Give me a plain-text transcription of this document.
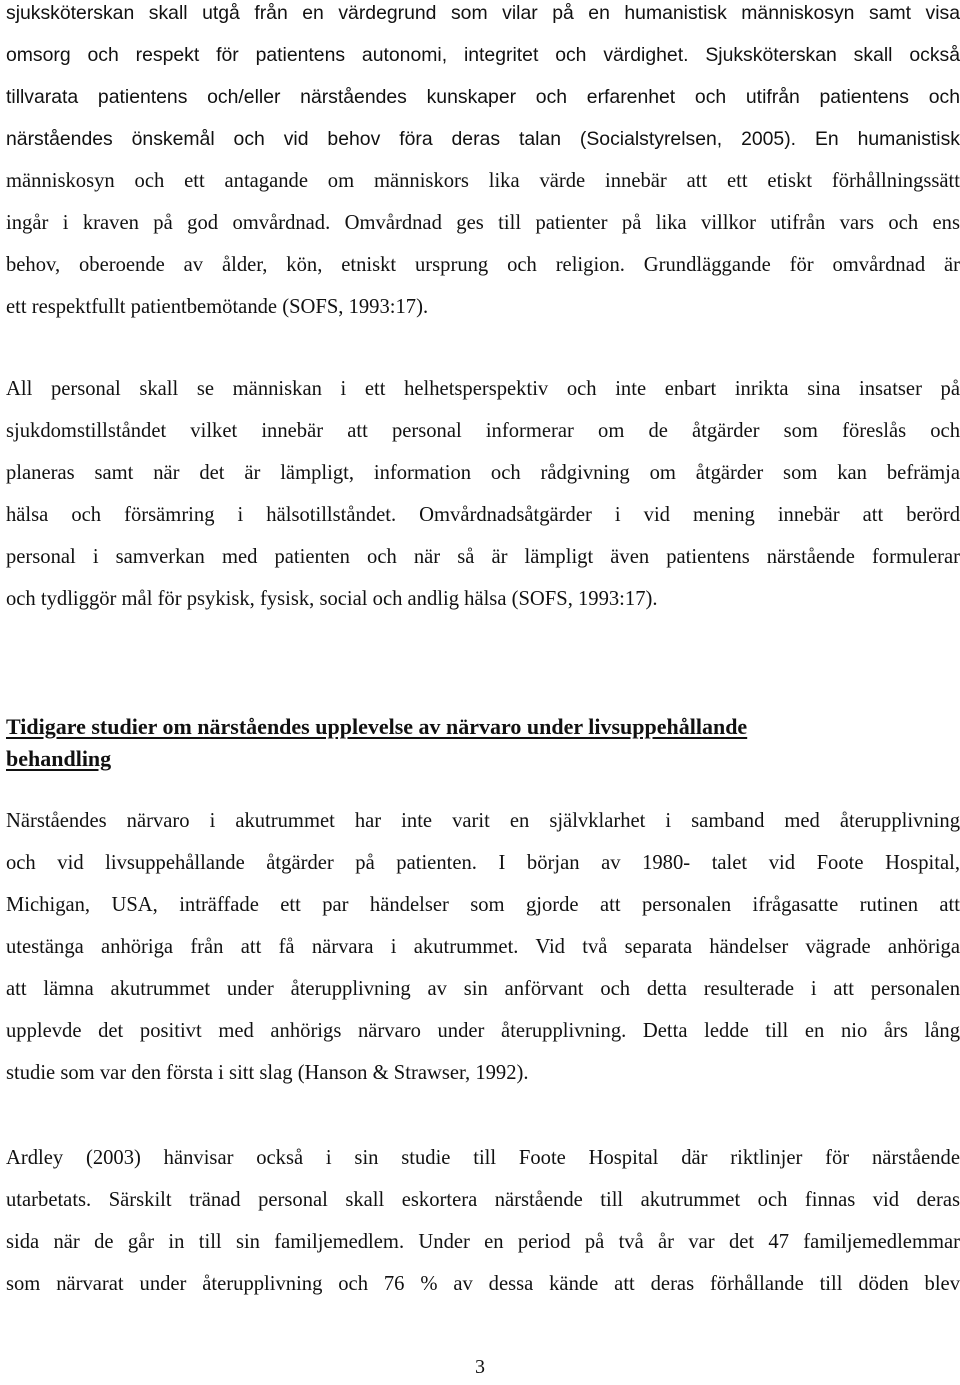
sjuksköterskan skall utgå från en värdegrund som vilar på en humanistisk människosyn samt visa
omsorg och respekt för patientens autonomi, integritet och värdighet. Sjuksköterskan skall också
tillvarata patientens och/eller närståendes kunskaper och erfarenhet och utifrån patientens och
närståendes önskemål och vid behov föra deras talan (Socialstyrelsen, 2005). En humanistisk
människosyn och ett antagande om människors lika värde innebär att ett etiskt förhållningssätt
ingår i kraven på god omvårdnad. Omvårdnad ges till patienter på lika villkor utifrån vars och ens
behov, oberoende av ålder, kön, etniskt ursprung och religion. Grundläggande för omvårdnad är
ett respektfullt patientbemötande (SOFS, 1993:17).
All personal skall se människan i ett helhetsperspektiv och inte enbart inrikta sina insatser på
sjukdomstillståndet vilket innebär att personal informerar om de åtgärder som föreslås och
planeras samt när det är lämpligt, information och rådgivning om åtgärder som kan befrämja
hälsa och försämring i hälsotillståndet. Omvårdnadsåtgärder i vid mening innebär att berörd
personal i samverkan med patienten och när så är lämpligt även patientens närstående formulerar
och tydliggör mål för psykisk, fysisk, social och andlig hälsa (SOFS, 1993:17).
Tidigare studier om närståendes upplevelse av närvaro under livsuppehållande
behandling
Närståendes närvaro i akutrummet har inte varit en självklarhet i samband med återupplivning
och vid livsuppehållande åtgärder på patienten. I början av 1980- talet vid Foote Hospital,
Michigan, USA, inträffade ett par händelser som gjorde att personalen ifrågasatte rutinen att
utestänga anhöriga från att få närvara i akutrummet. Vid två separata händelser vägrade anhöriga
att lämna akutrummet under återupplivning av sin anförvant och detta resulterade i att personalen
upplevde det positivt med anhörigs närvaro under återupplivning. Detta ledde till en nio års lång
studie som var den första i sitt slag (Hanson & Strawser, 1992).
Ardley (2003) hänvisar också i sin studie till Foote Hospital där riktlinjer för närstående
utarbetats. Särskilt tränad personal skall eskortera närstående till akutrummet och finnas vid deras
sida när de går in till sin familjemedlem. Under en period på två år var det 47 familjemedlemmar
som närvarat under återupplivning och 76 % av dessa kände att deras förhållande till döden blev
3
